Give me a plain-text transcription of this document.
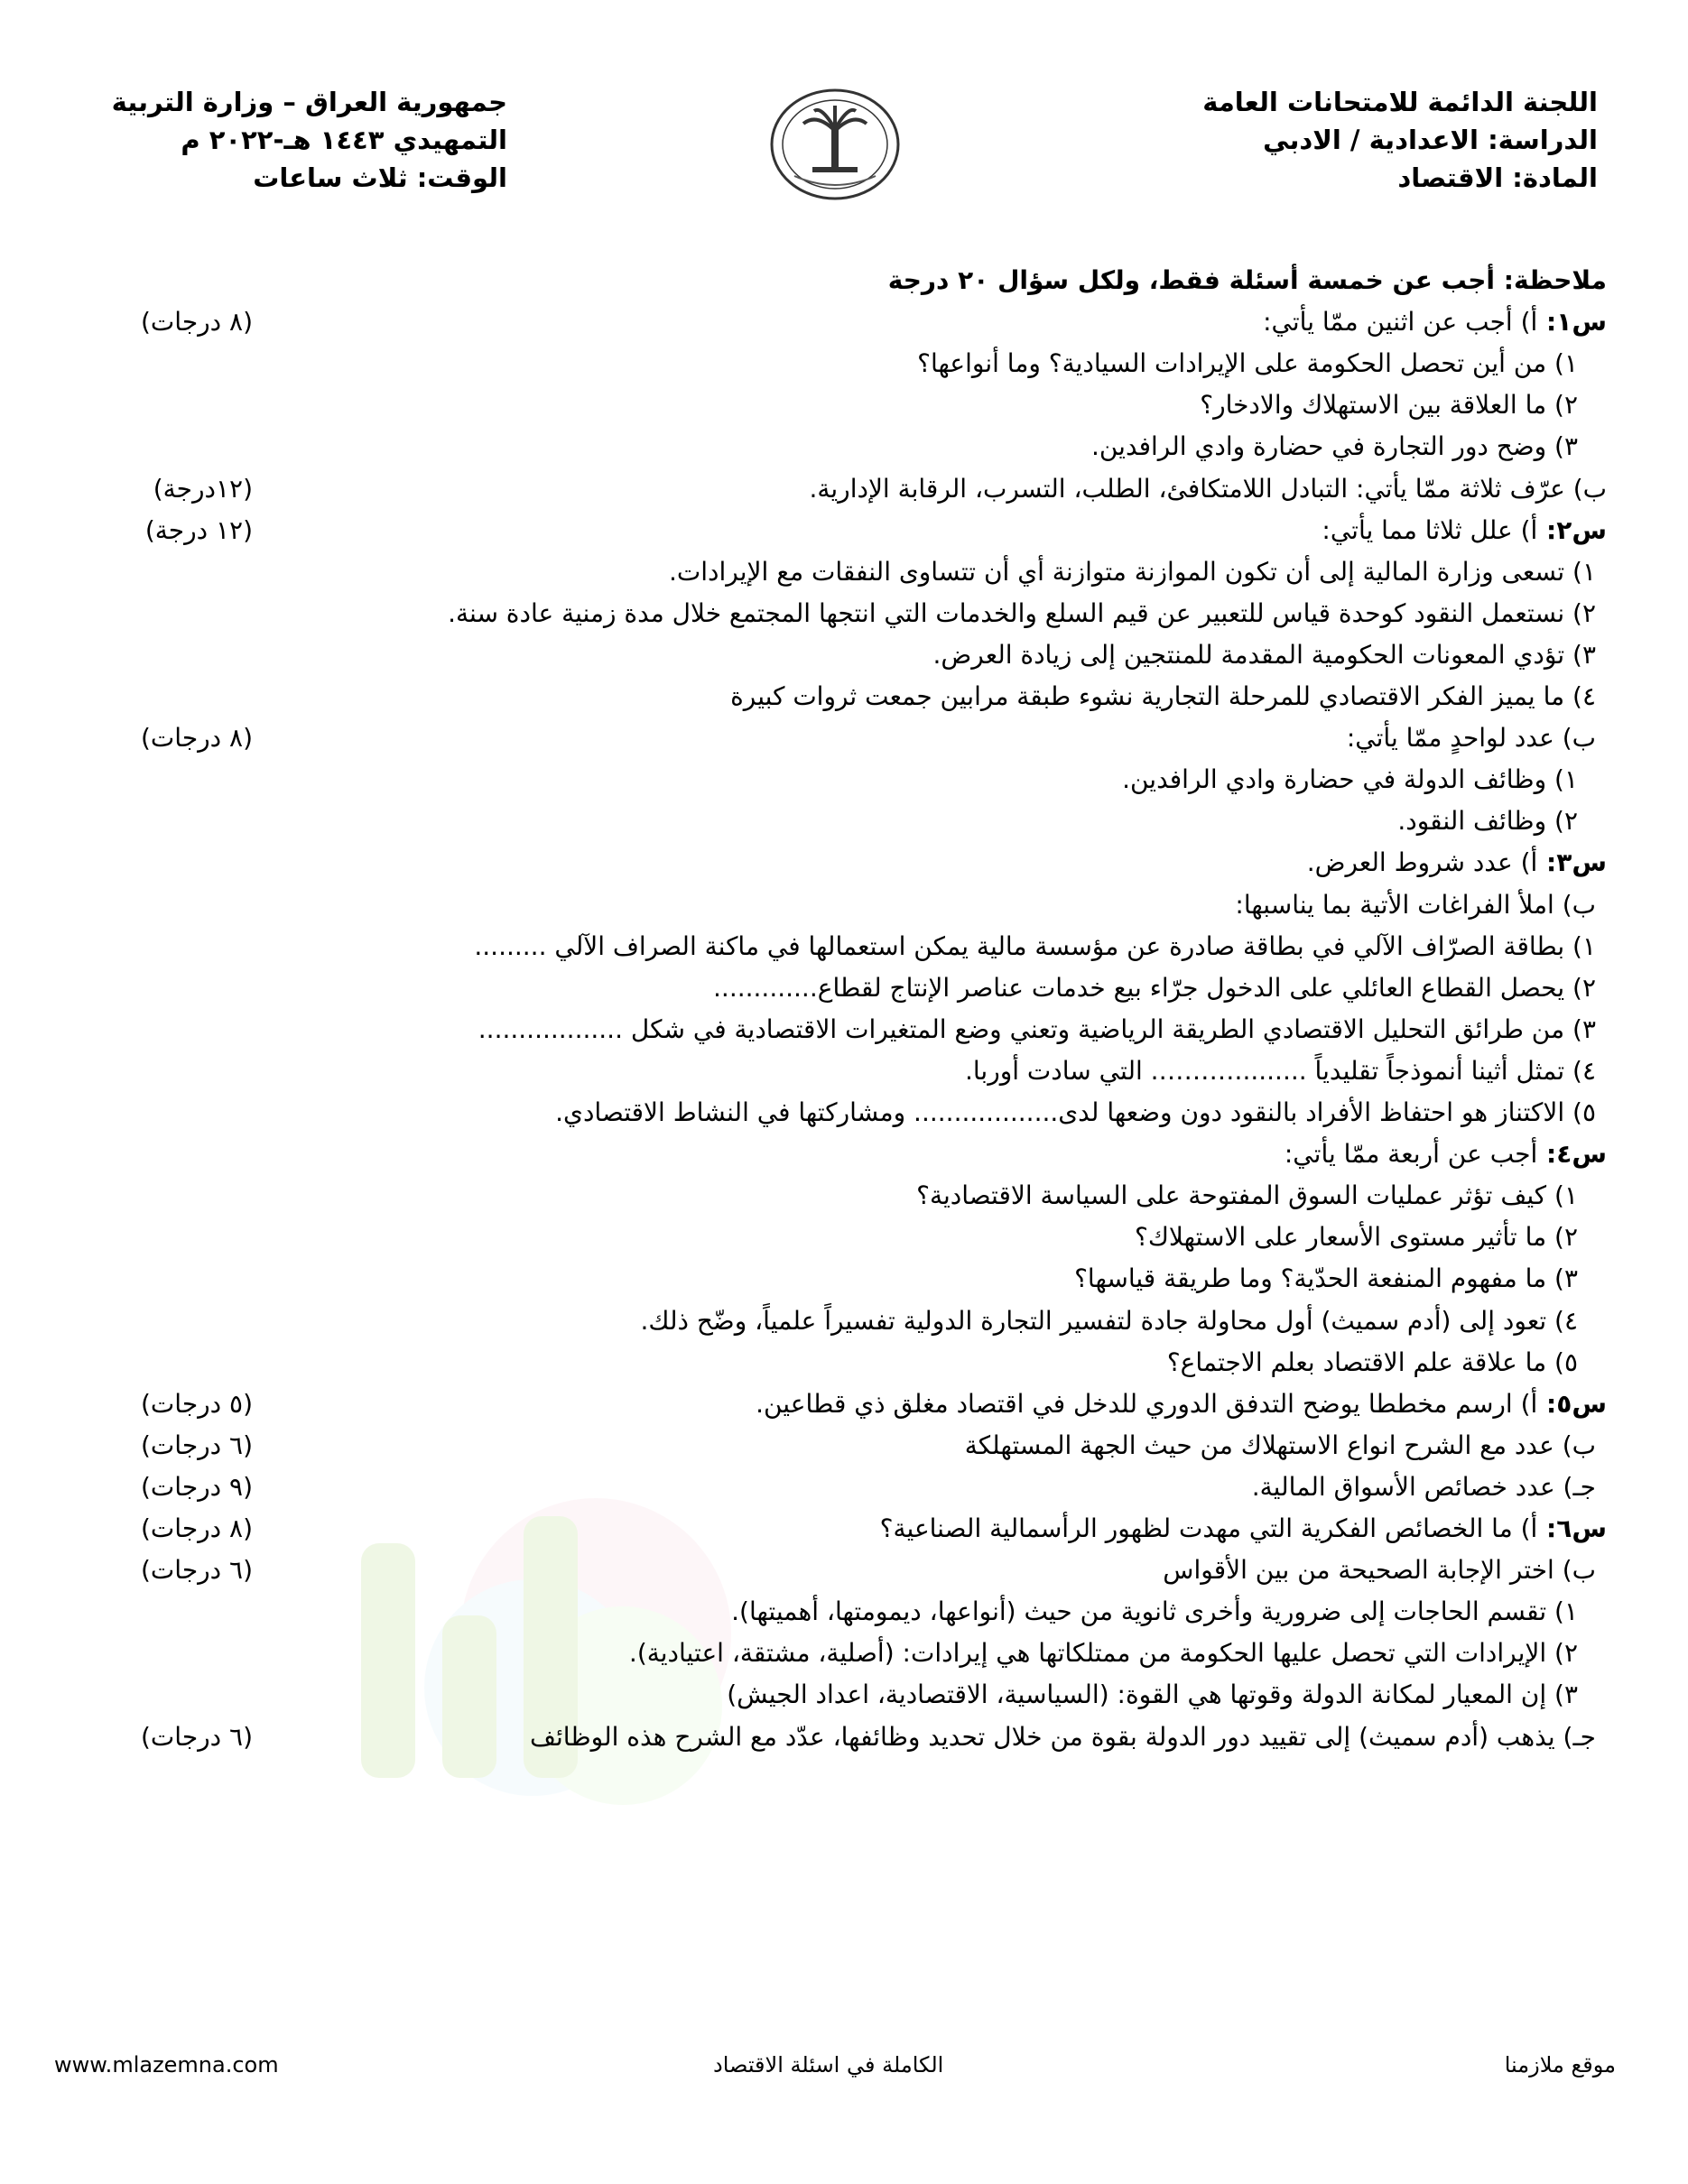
اللجنة الدائمة للامتحانات العامة
الدراسة: الاعدادية / الادبي
المادة: الاقتصاد
جمهورية العراق – وزارة التربية
التمهيدي ١٤٤٣ هـ-٢٠٢٢ م
الوقت: ثلاث ساعات
ملاحظة: أجب عن خمسة أسئلة فقط، ولكل سؤال ٢٠ درجة
س١: أ) أجب عن اثنين ممّا يأتي:
(٨ درجات)
١) من أين تحصل الحكومة على الإيرادات السيادية؟ وما أنواعها؟
٢) ما العلاقة بين الاستهلاك والادخار؟
٣) وضح دور التجارة في حضارة وادي الرافدين.
ب) عرّف ثلاثة ممّا يأتي: التبادل اللامتكافئ، الطلب، التسرب، الرقابة الإدارية.
(١٢درجة)
س٢: أ) علل ثلاثا مما يأتي:
(١٢ درجة)
١) تسعى وزارة المالية إلى أن تكون الموازنة متوازنة أي أن تتساوى النفقات مع الإيرادات.
٢) نستعمل النقود كوحدة قياس للتعبير عن قيم السلع والخدمات التي انتجها المجتمع خلال مدة زمنية عادة سنة.
٣) تؤدي المعونات الحكومية المقدمة للمنتجين إلى زيادة العرض.
٤) ما يميز الفكر الاقتصادي للمرحلة التجارية نشوء طبقة مرابين جمعت ثروات كبيرة
ب) عدد لواحدٍ ممّا يأتي:
(٨ درجات)
١) وظائف الدولة في حضارة وادي الرافدين.
٢) وظائف النقود.
س٣: أ) عدد شروط العرض.
ب) املأ الفراغات الأتية بما يناسبها:
١) بطاقة الصرّاف الآلي في بطاقة صادرة عن مؤسسة مالية يمكن استعمالها في ماكنة الصراف الآلي .........
٢) يحصل القطاع العائلي على الدخول جرّاء بيع خدمات عناصر الإنتاج لقطاع.............
٣) من طرائق التحليل الاقتصادي الطريقة الرياضية وتعني وضع المتغيرات الاقتصادية في شكل ..................
٤) تمثل أثينا أنموذجاً تقليدياً .........………. التي سادت أوربا.
٥) الاكتناز هو احتفاظ الأفراد بالنقود دون وضعها لدى.................. ومشاركتها في النشاط الاقتصادي.
س٤: أجب عن أربعة ممّا يأتي:
١) كيف تؤثر عمليات السوق المفتوحة على السياسة الاقتصادية؟
٢) ما تأثير مستوى الأسعار على الاستهلاك؟
٣) ما مفهوم المنفعة الحدّية؟ وما طريقة قياسها؟
٤) تعود إلى (أدم سميث) أول محاولة جادة لتفسير التجارة الدولية تفسيراً علمياً، وضّح ذلك.
٥) ما علاقة علم الاقتصاد بعلم الاجتماع؟
س٥: أ) ارسم مخططا يوضح التدفق الدوري للدخل في اقتصاد مغلق ذي قطاعين.
(٥ درجات)
ب) عدد مع الشرح انواع الاستهلاك من حيث الجهة المستهلكة
(٦ درجات)
جـ) عدد خصائص الأسواق المالية.
(٩ درجات)
س٦: أ) ما الخصائص الفكرية التي مهدت لظهور الرأسمالية الصناعية؟
(٨ درجات)
ب) اختر الإجابة الصحيحة من بين الأقواس
(٦ درجات)
١) تقسم الحاجات إلى ضرورية وأخرى ثانوية من حيث (أنواعها، ديمومتها، أهميتها).
٢) الإيرادات التي تحصل عليها الحكومة من ممتلكاتها هي إيرادات: (أصلية، مشتقة، اعتيادية).
٣) إن المعيار لمكانة الدولة وقوتها هي القوة: (السياسية، الاقتصادية، اعداد الجيش)
جـ) يذهب (أدم سميث) إلى تقييد دور الدولة بقوة من خلال تحديد وظائفها، عدّد مع الشرح هذه الوظائف
(٦ درجات)
www.mlazemna.com	الكاملة في اسئلة الاقتصاد	موقع ملازمنا
